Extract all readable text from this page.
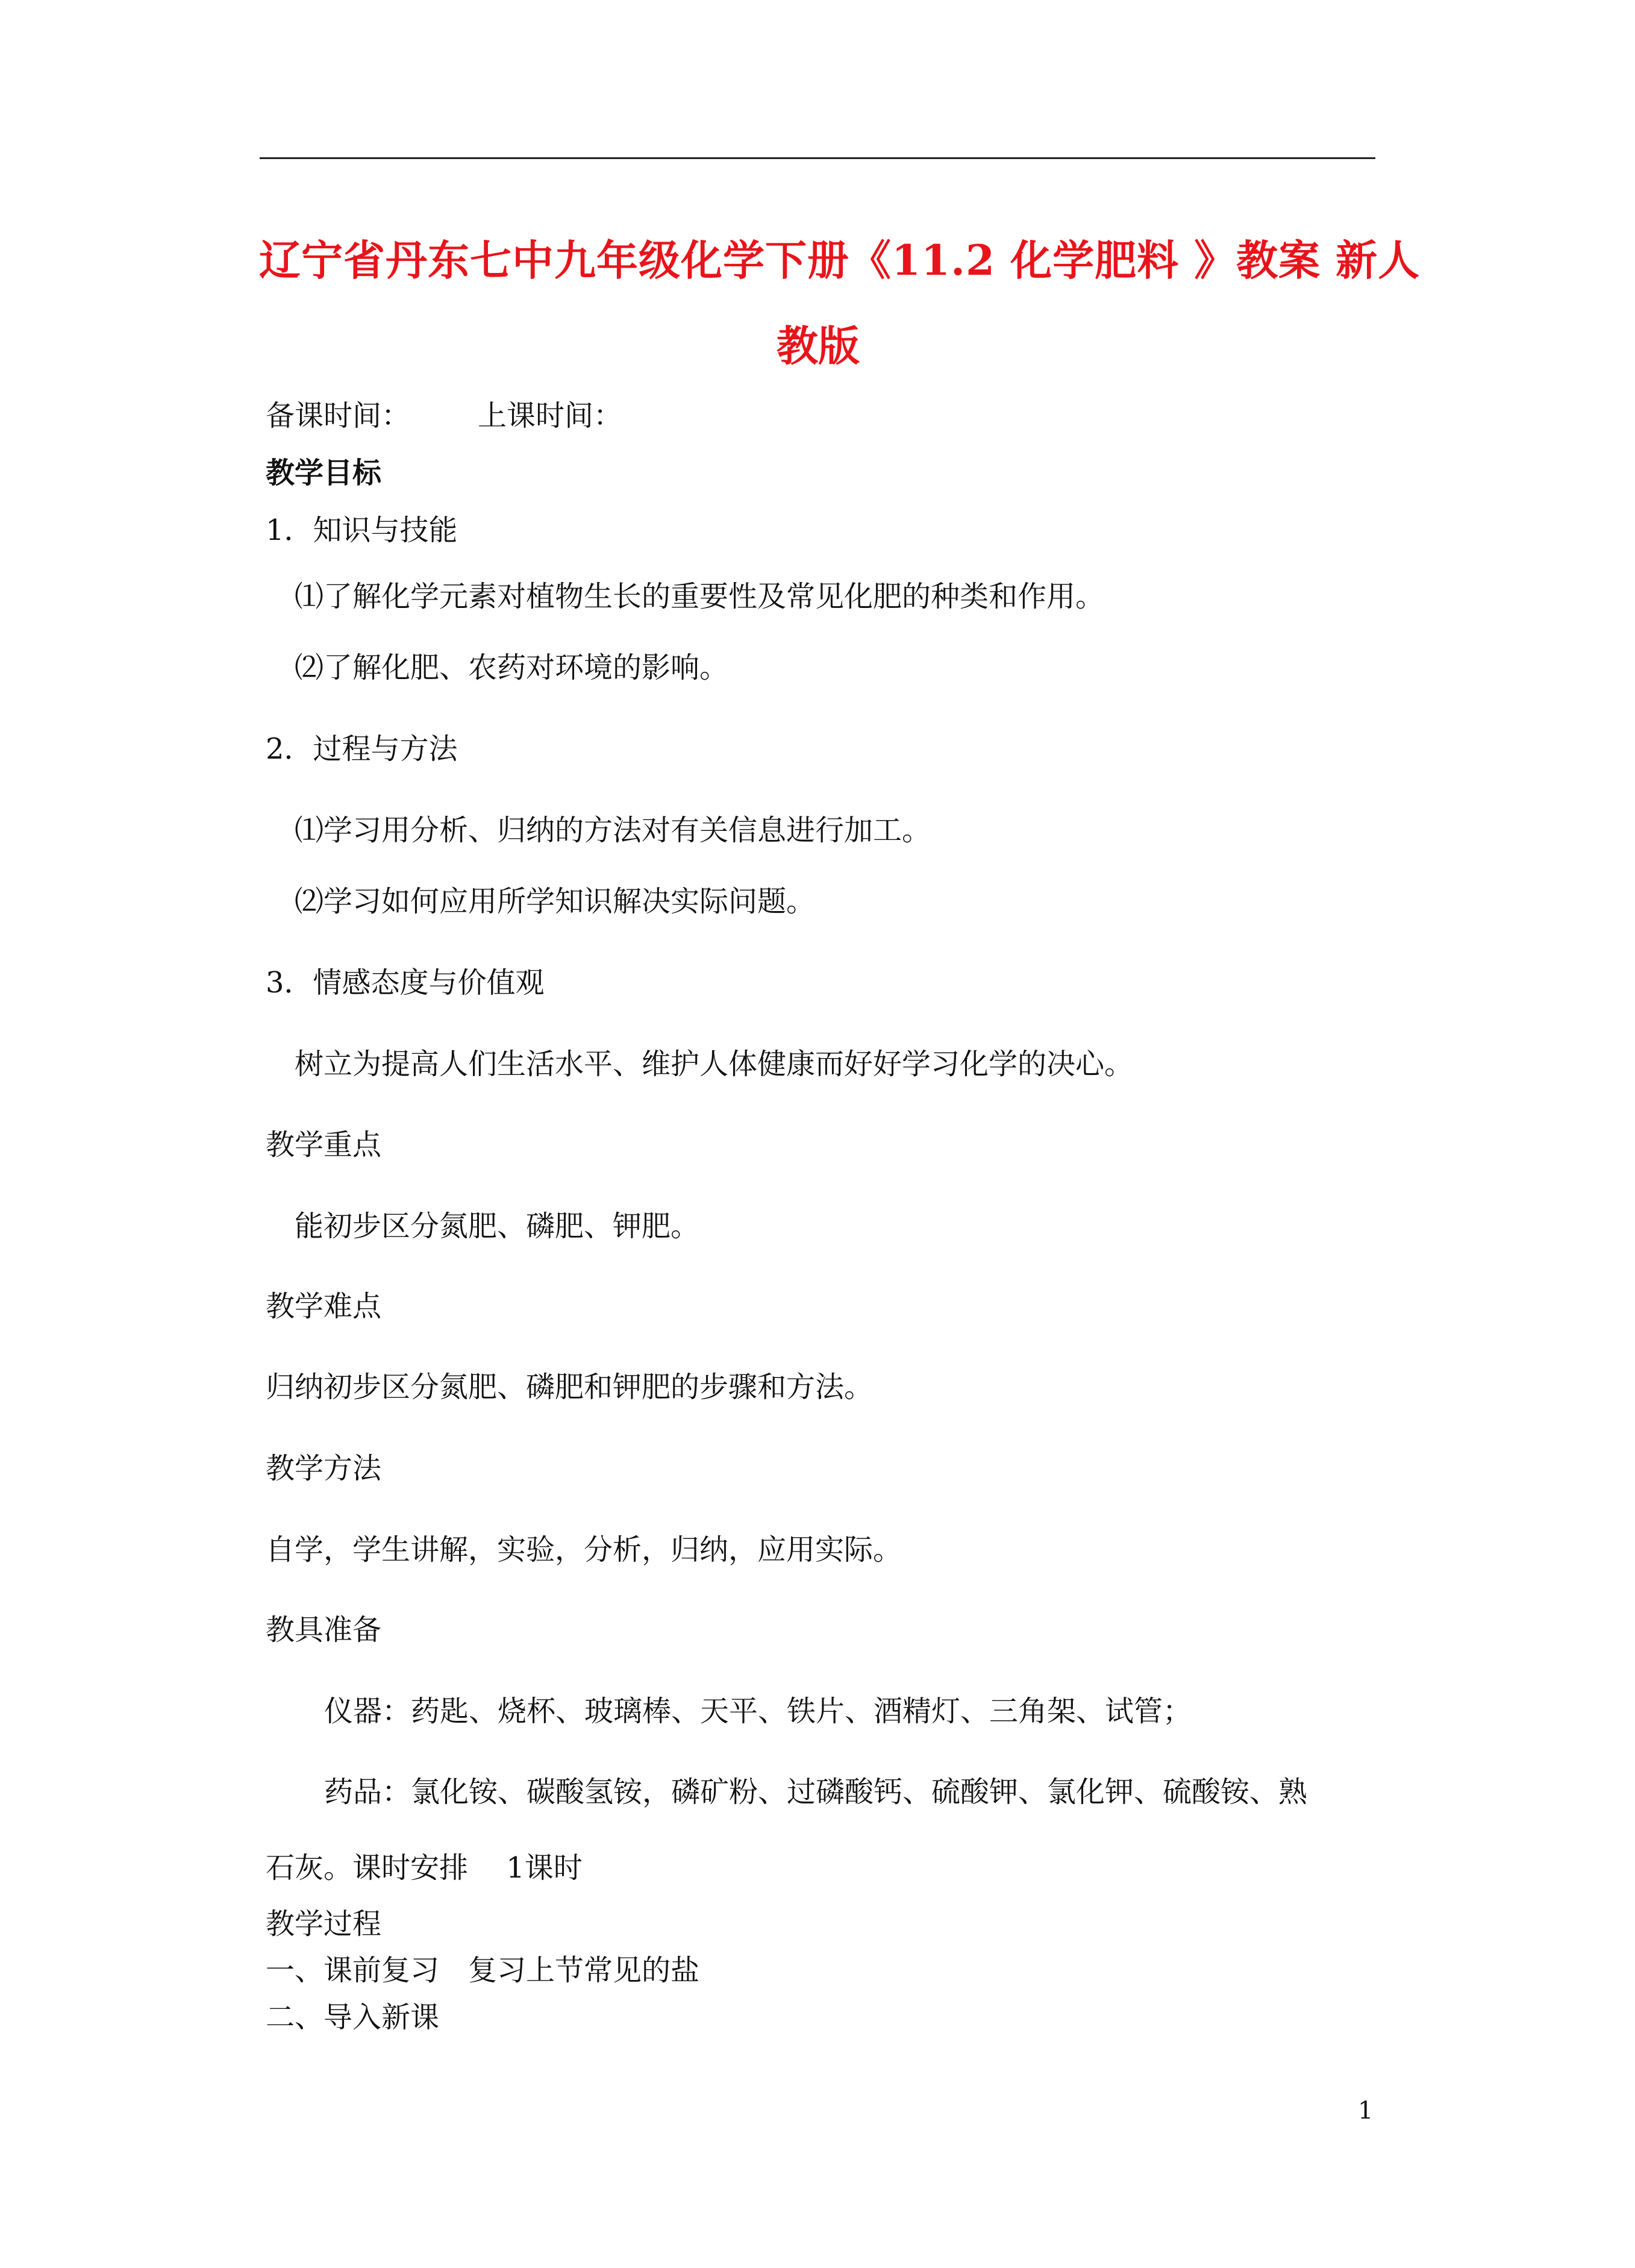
辽宁省丹东七中九年级化学下册《11.2 化学肥料 》教案 新人
教版
备课时间： 上课时间：
教学目标
1．知识与技能
⑴了解化学元素对植物生长的重要性及常见化肥的种类和作用。
⑵了解化肥、农药对环境的影响。
2．过程与方法
⑴学习用分析、归纳的方法对有关信息进行加工。
⑵学习如何应用所学知识解决实际问题。
3．情感态度与价值观
树立为提高人们生活水平、维护人体健康而好好学习化学的决心。
教学重点
能初步区分氮肥、磷肥、钾肥。
教学难点
归纳初步区分氮肥、磷肥和钾肥的步骤和方法。
教学方法
自学，学生讲解，实验，分析，归纳，应用实际。
教具准备
仪器：药匙、烧杯、玻璃棒、天平、铁片、酒精灯、三角架、试管；
药品：氯化铵、碳酸氢铵，磷矿粉、过磷酸钙、硫酸钾、氯化钾、硫酸铵、熟
石灰。课时安排　 1课时
教学过程
一、课前复习　复习上节常见的盐
二、导入新课
1
